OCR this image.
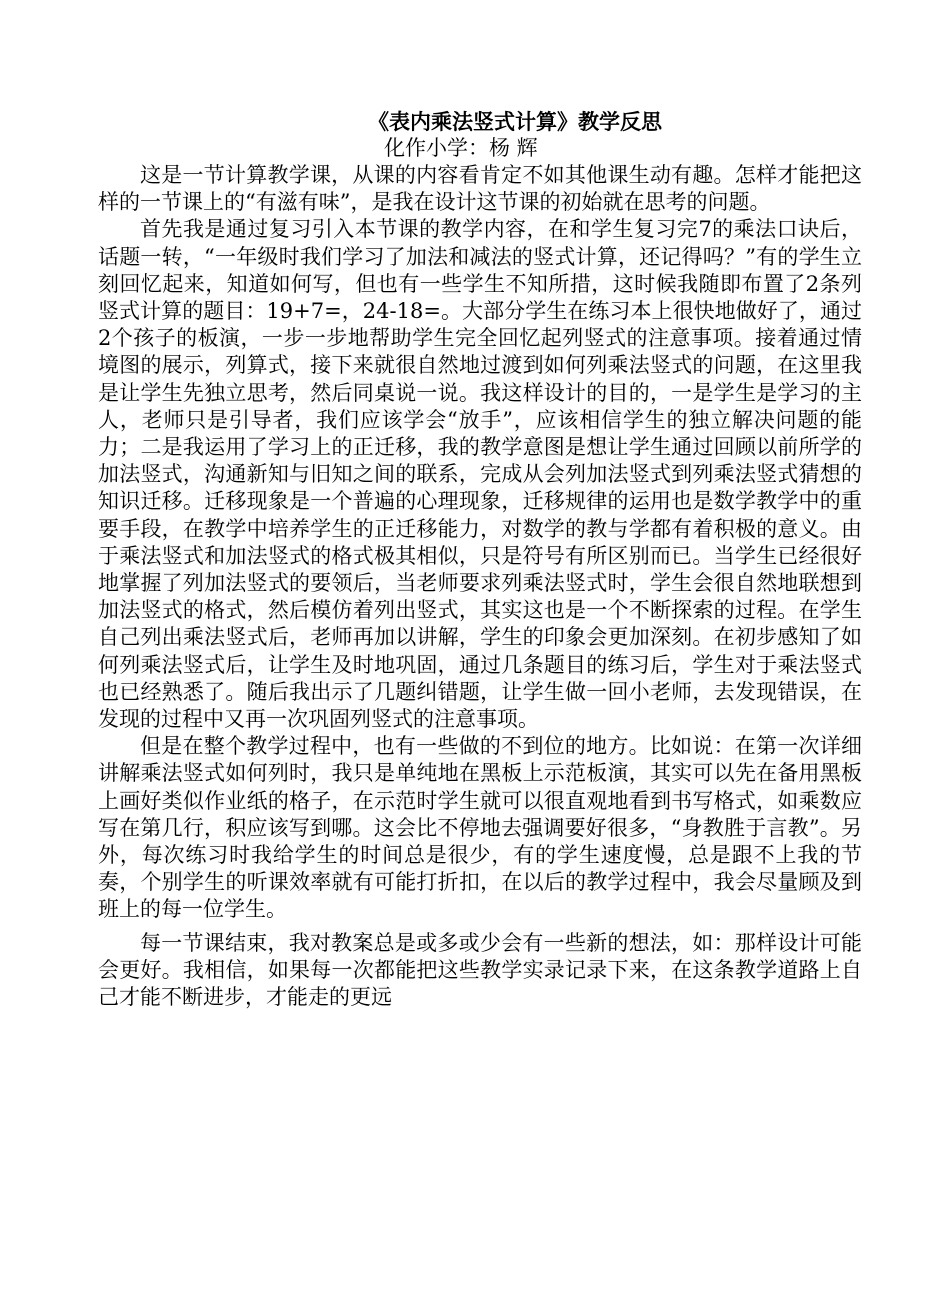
《表内乘法竖式计算》教学反思

化作小学：杨 辉

这是一节计算教学课，从课的内容看肯定不如其他课生动有趣。怎样才能把这样的一节课上的“有滋有味”，是我在设计这节课的初始就在思考的问题。

首先我是通过复习引入本节课的教学内容，在和学生复习完7的乘法口诀后，话题一转，“一年级时我们学习了加法和减法的竖式计算，还记得吗？”有的学生立刻回忆起来，知道如何写，但也有一些学生不知所措，这时候我随即布置了2条列竖式计算的题目：19+7=，24-18=。大部分学生在练习本上很快地做好了，通过2个孩子的板演，一步一步地帮助学生完全回忆起列竖式的注意事项。接着通过情境图的展示，列算式，接下来就很自然地过渡到如何列乘法竖式的问题，在这里我是让学生先独立思考，然后同桌说一说。我这样设计的目的，一是学生是学习的主人，老师只是引导者，我们应该学会“放手”，应该相信学生的独立解决问题的能力；二是我运用了学习上的正迁移，我的教学意图是想让学生通过回顾以前所学的加法竖式，沟通新知与旧知之间的联系，完成从会列加法竖式到列乘法竖式猜想的知识迁移。迁移现象是一个普遍的心理现象，迁移规律的运用也是数学教学中的重要手段，在教学中培养学生的正迁移能力，对数学的教与学都有着积极的意义。由于乘法竖式和加法竖式的格式极其相似，只是符号有所区别而已。当学生已经很好地掌握了列加法竖式的要领后，当老师要求列乘法竖式时，学生会很自然地联想到加法竖式的格式，然后模仿着列出竖式，其实这也是一个不断探索的过程。在学生自己列出乘法竖式后，老师再加以讲解，学生的印象会更加深刻。在初步感知了如何列乘法竖式后，让学生及时地巩固，通过几条题目的练习后，学生对于乘法竖式也已经熟悉了。随后我出示了几题纠错题，让学生做一回小老师，去发现错误，在发现的过程中又再一次巩固列竖式的注意事项。

但是在整个教学过程中，也有一些做的不到位的地方。比如说：在第一次详细讲解乘法竖式如何列时，我只是单纯地在黑板上示范板演，其实可以先在备用黑板上画好类似作业纸的格子，在示范时学生就可以很直观地看到书写格式，如乘数应写在第几行，积应该写到哪。这会比不停地去强调要好很多，“身教胜于言教”。另外，每次练习时我给学生的时间总是很少，有的学生速度慢，总是跟不上我的节奏，个别学生的听课效率就有可能打折扣，在以后的教学过程中，我会尽量顾及到班上的每一位学生。

每一节课结束，我对教案总是或多或少会有一些新的想法，如：那样设计可能会更好。我相信，如果每一次都能把这些教学实录记录下来，在这条教学道路上自己才能不断进步，才能走的更远
